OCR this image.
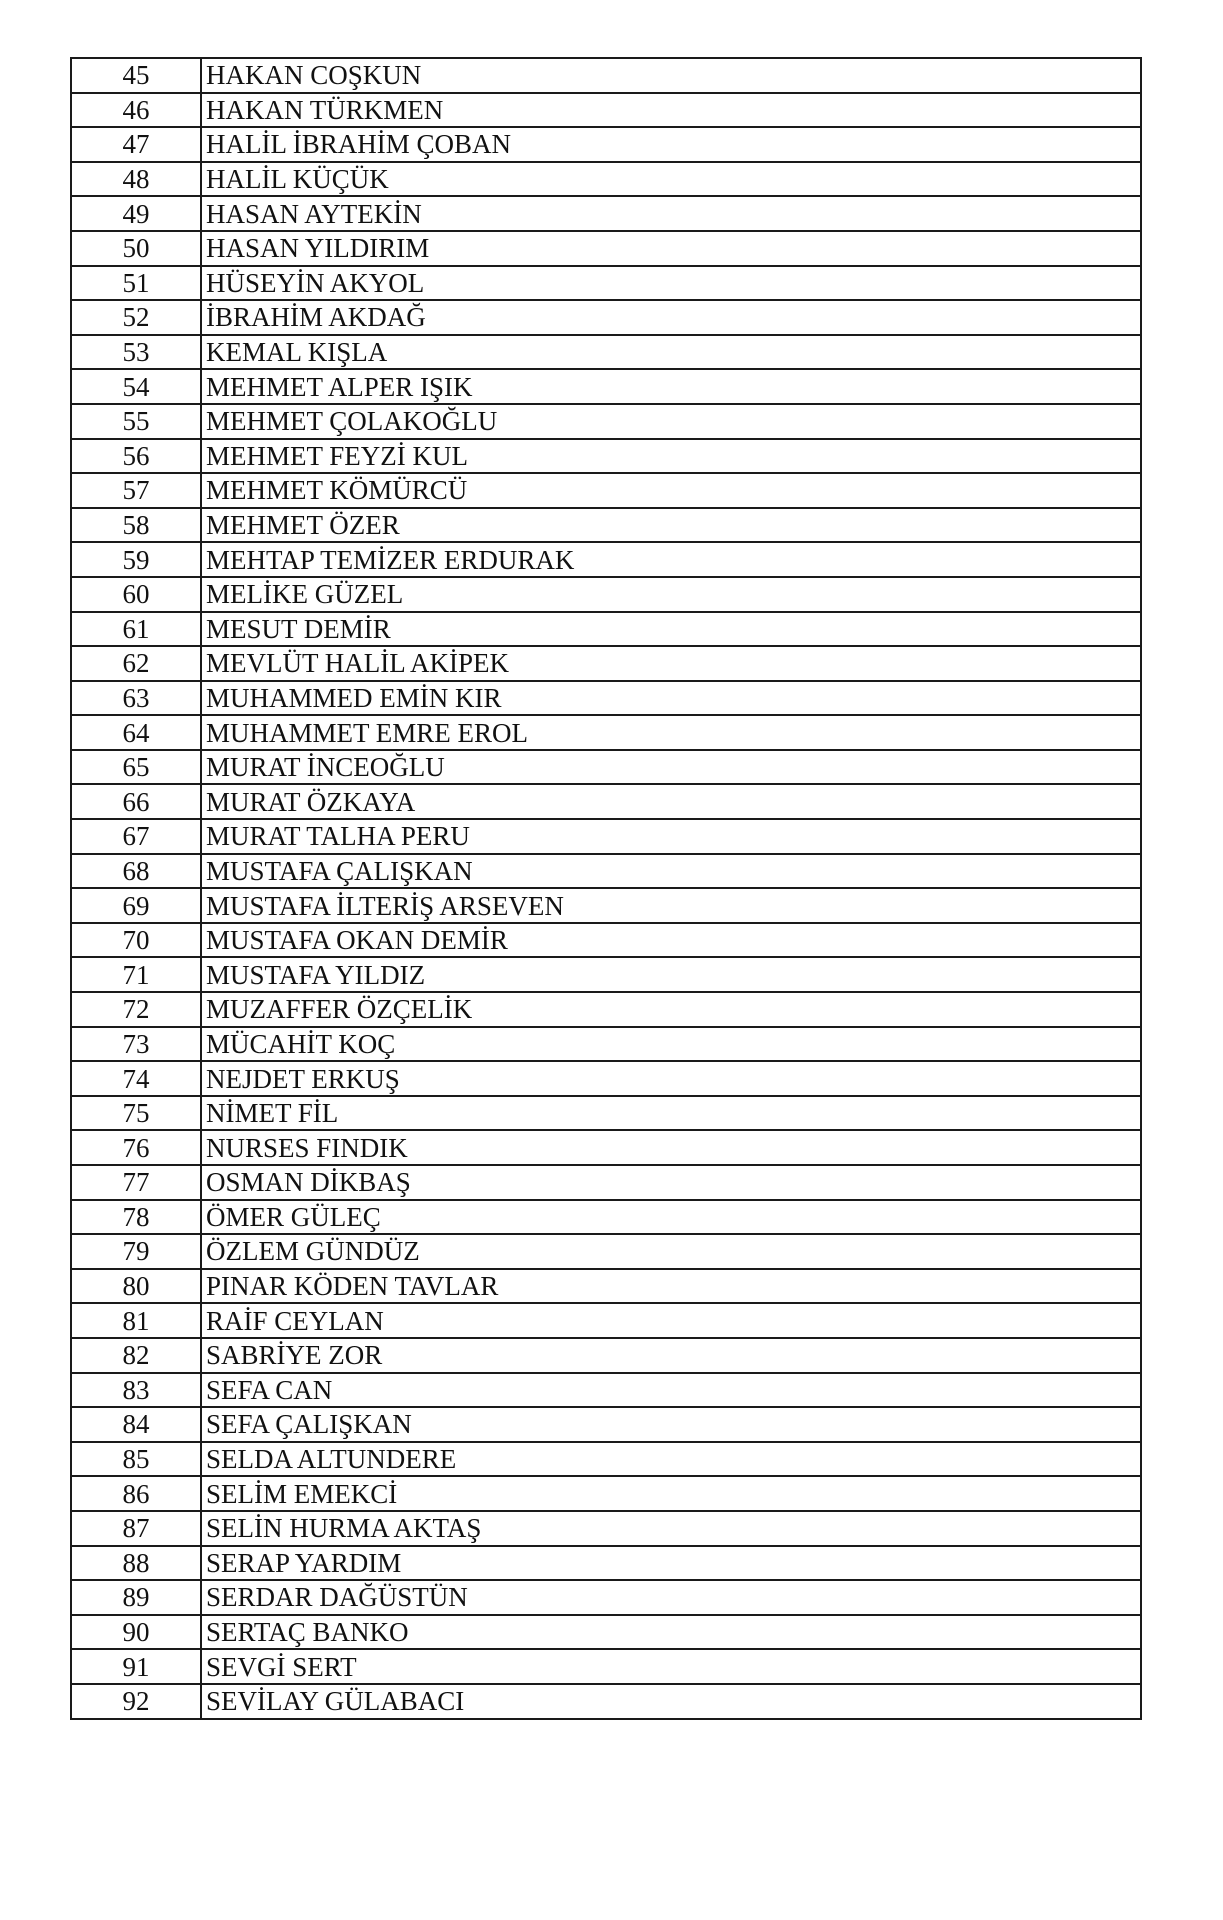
45	HAKAN COŞKUN
46	HAKAN TÜRKMEN
47	HALİL İBRAHİM ÇOBAN
48	HALİL KÜÇÜK
49	HASAN AYTEKİN
50	HASAN YILDIRIM
51	HÜSEYİN AKYOL
52	İBRAHİM AKDAĞ
53	KEMAL KIŞLA
54	MEHMET ALPER IŞIK
55	MEHMET ÇOLAKOĞLU
56	MEHMET FEYZİ KUL
57	MEHMET KÖMÜRCÜ
58	MEHMET ÖZER
59	MEHTAP TEMİZER ERDURAK
60	MELİKE GÜZEL
61	MESUT DEMİR
62	MEVLÜT HALİL AKİPEK
63	MUHAMMED EMİN KIR
64	MUHAMMET EMRE EROL
65	MURAT İNCEOĞLU
66	MURAT ÖZKAYA
67	MURAT TALHA PERU
68	MUSTAFA ÇALIŞKAN
69	MUSTAFA İLTERİŞ ARSEVEN
70	MUSTAFA OKAN DEMİR
71	MUSTAFA YILDIZ
72	MUZAFFER ÖZÇELİK
73	MÜCAHİT KOÇ
74	NEJDET ERKUŞ
75	NİMET FİL
76	NURSES FINDIK
77	OSMAN DİKBAŞ
78	ÖMER GÜLEÇ
79	ÖZLEM GÜNDÜZ
80	PINAR KÖDEN TAVLAR
81	RAİF CEYLAN
82	SABRİYE ZOR
83	SEFA CAN
84	SEFA ÇALIŞKAN
85	SELDA ALTUNDERE
86	SELİM EMEKCİ
87	SELİN HURMA AKTAŞ
88	SERAP YARDIM
89	SERDAR DAĞÜSTÜN
90	SERTAÇ BANKO
91	SEVGİ SERT
92	SEVİLAY GÜLABACI
